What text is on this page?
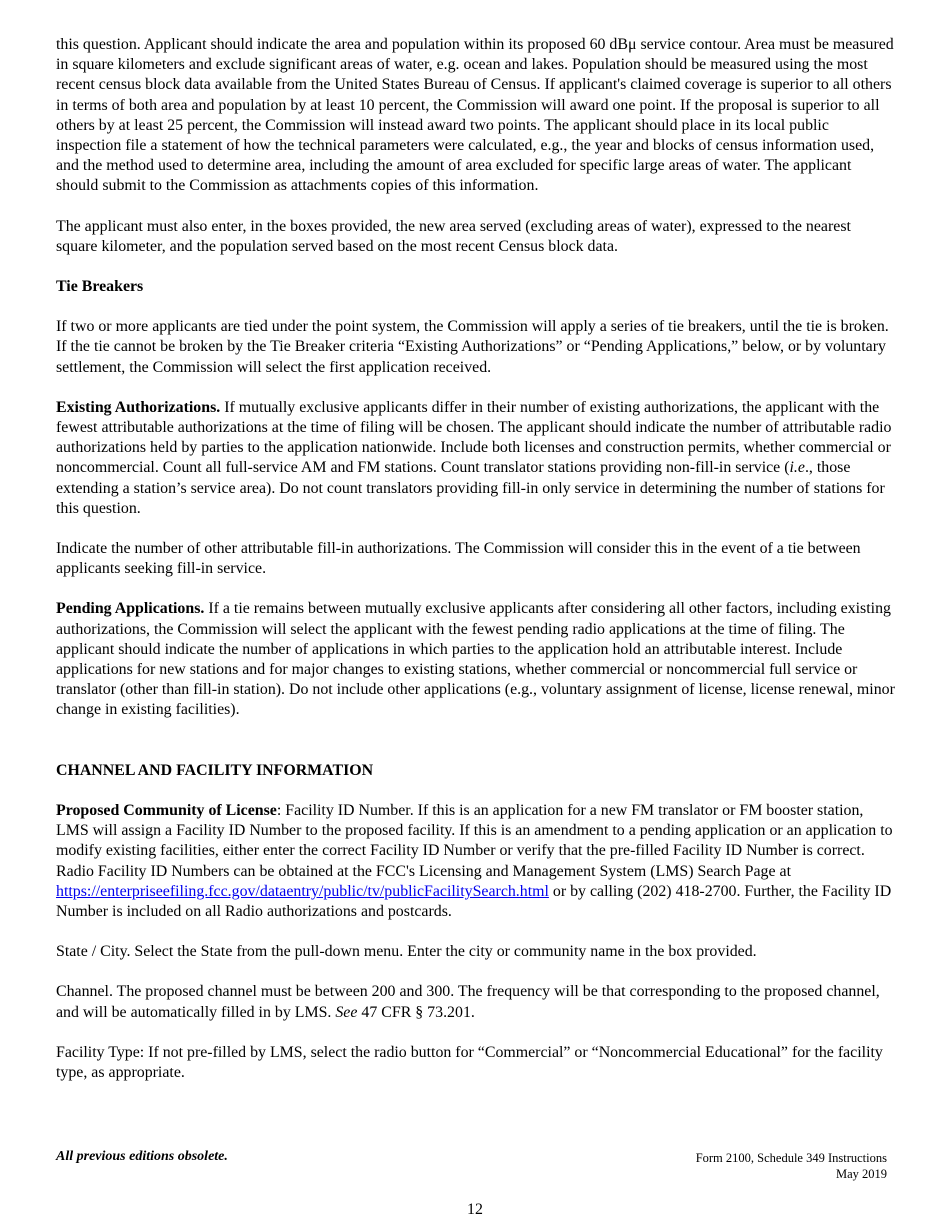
this question. Applicant should indicate the area and population within its proposed 60 dBμ service contour. Area must be measured in square kilometers and exclude significant areas of water, e.g. ocean and lakes. Population should be measured using the most recent census block data available from the United States Bureau of Census. If applicant's claimed coverage is superior to all others in terms of both area and population by at least 10 percent, the Commission will award one point. If the proposal is superior to all others by at least 25 percent, the Commission will instead award two points. The applicant should place in its local public inspection file a statement of how the technical parameters were calculated, e.g., the year and blocks of census information used, and the method used to determine area, including the amount of area excluded for specific large areas of water. The applicant should submit to the Commission as attachments copies of this information.

The applicant must also enter, in the boxes provided, the new area served (excluding areas of water), expressed to the nearest square kilometer, and the population served based on the most recent Census block data.

Tie Breakers

If two or more applicants are tied under the point system, the Commission will apply a series of tie breakers, until the tie is broken. If the tie cannot be broken by the Tie Breaker criteria “Existing Authorizations” or “Pending Applications,” below, or by voluntary settlement, the Commission will select the first application received.

Existing Authorizations. If mutually exclusive applicants differ in their number of existing authorizations, the applicant with the fewest attributable authorizations at the time of filing will be chosen. The applicant should indicate the number of attributable radio authorizations held by parties to the application nationwide. Include both licenses and construction permits, whether commercial or noncommercial. Count all full-service AM and FM stations. Count translator stations providing non-fill-in service (i.e., those extending a station’s service area). Do not count translators providing fill-in only service in determining the number of stations for this question.

Indicate the number of other attributable fill-in authorizations. The Commission will consider this in the event of a tie between applicants seeking fill-in service.

Pending Applications. If a tie remains between mutually exclusive applicants after considering all other factors, including existing authorizations, the Commission will select the applicant with the fewest pending radio applications at the time of filing. The applicant should indicate the number of applications in which parties to the application hold an attributable interest. Include applications for new stations and for major changes to existing stations, whether commercial or noncommercial full service or translator (other than fill-in station). Do not include other applications (e.g., voluntary assignment of license, license renewal, minor change in existing facilities).

CHANNEL AND FACILITY INFORMATION

Proposed Community of License: Facility ID Number. If this is an application for a new FM translator or FM booster station, LMS will assign a Facility ID Number to the proposed facility. If this is an amendment to a pending application or an application to modify existing facilities, either enter the correct Facility ID Number or verify that the pre-filled Facility ID Number is correct. Radio Facility ID Numbers can be obtained at the FCC's Licensing and Management System (LMS) Search Page at https://enterpriseefiling.fcc.gov/dataentry/public/tv/publicFacilitySearch.html or by calling (202) 418-2700. Further, the Facility ID Number is included on all Radio authorizations and postcards.

State / City. Select the State from the pull-down menu. Enter the city or community name in the box provided.

Channel. The proposed channel must be between 200 and 300. The frequency will be that corresponding to the proposed channel, and will be automatically filled in by LMS. See 47 CFR § 73.201.

Facility Type: If not pre-filled by LMS, select the radio button for “Commercial” or “Noncommercial Educational” for the facility type, as appropriate.

All previous editions obsolete.	Form 2100, Schedule 349 Instructions
May 2019
12
